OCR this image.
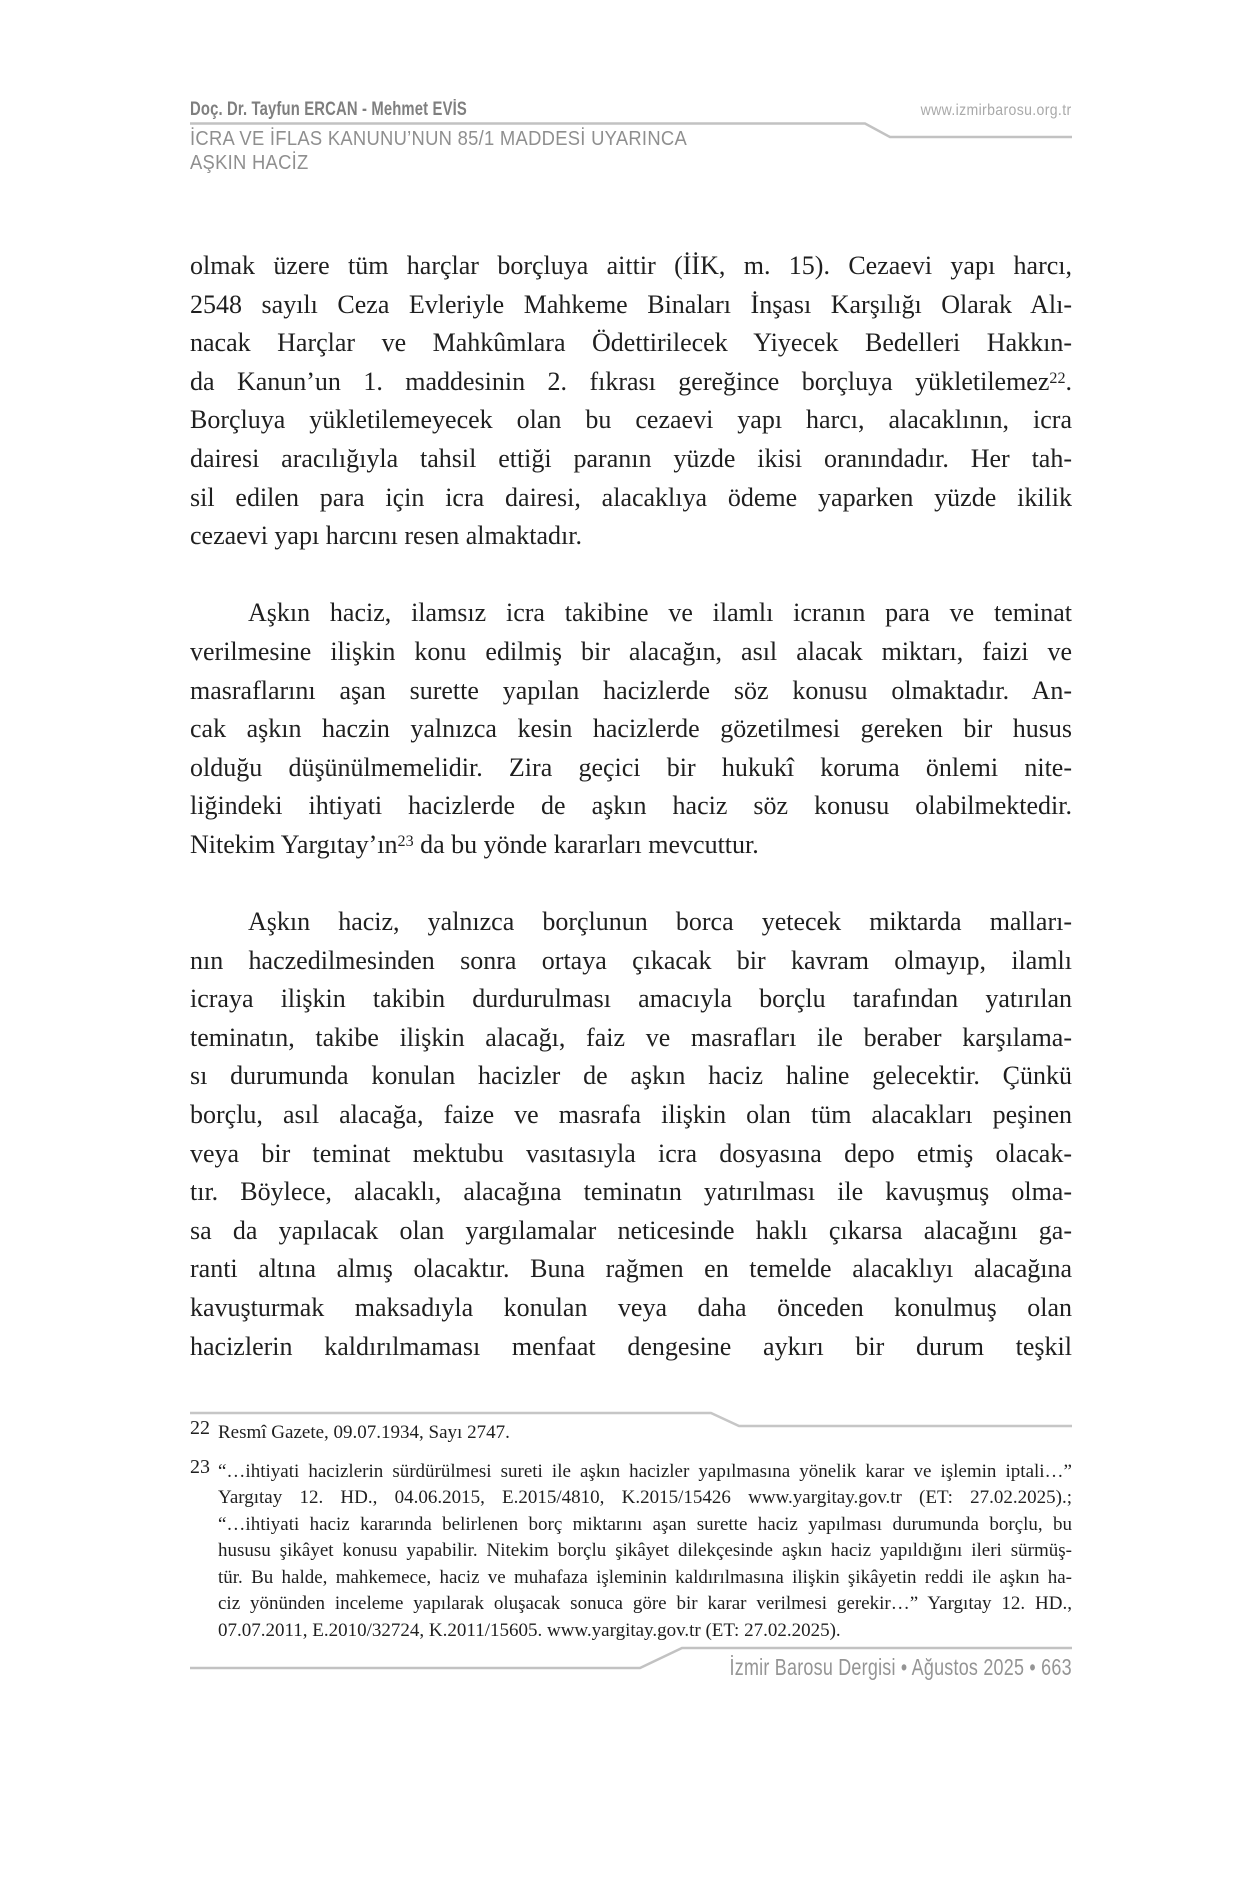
Doç. Dr. Tayfun ERCAN - Mehmet EVİS	www.izmirbarosu.org.tr
İCRA VE İFLAS KANUNU’NUN 85/1 MADDESİ UYARINCA
AŞKIN HACİZ
olmak üzere tüm harçlar borçluya aittir (İİK, m. 15). Cezaevi yapı harcı,
2548 sayılı Ceza Evleriyle Mahkeme Binaları İnşası Karşılığı Olarak Alı-
nacak Harçlar ve Mahkûmlara Ödettirilecek Yiyecek Bedelleri Hakkın-
da Kanun’un 1. maddesinin 2. fıkrası gereğince borçluya yükletilemez$^{22}$.
Borçluya yükletilemeyecek olan bu cezaevi yapı harcı, alacaklının, icra
dairesi aracılığıyla tahsil ettiği paranın yüzde ikisi oranındadır. Her tah-
sil edilen para için icra dairesi, alacaklıya ödeme yaparken yüzde ikilik
cezaevi yapı harcını resen almaktadır.
Aşkın haciz, ilamsız icra takibine ve ilamlı icranın para ve teminat
verilmesine ilişkin konu edilmiş bir alacağın, asıl alacak miktarı, faizi ve
masraflarını aşan surette yapılan hacizlerde söz konusu olmaktadır. An-
cak aşkın haczin yalnızca kesin hacizlerde gözetilmesi gereken bir husus
olduğu düşünülmemelidir. Zira geçici bir hukukî koruma önlemi nite-
liğindeki ihtiyati hacizlerde de aşkın haciz söz konusu olabilmektedir.
Nitekim $Yargıtay’ın^{23}$ da bu yönde kararları mevcuttur.
Aşkın haciz, yalnızca borçlunun borca yetecek miktarda malları-
nın haczedilmesinden sonra ortaya çıkacak bir kavram olmayıp, ilamlı
icraya ilişkin takibin durdurulması amacıyla borçlu tarafından yatırılan
teminatın, takibe ilişkin alacağı, faiz ve masrafları ile beraber karşılama-
sı durumunda konulan hacizler de aşkın haciz haline gelecektir. Çünkü
borçlu, asıl alacağa, faize ve masrafa ilişkin olan tüm alacakları peşinen
veya bir teminat mektubu vasıtasıyla icra dosyasına depo etmiş olacak-
tır. Böylece, alacaklı, alacağına teminatın yatırılması ile kavuşmuş olma-
sa da yapılacak olan yargılamalar neticesinde haklı çıkarsa alacağını ga-
ranti altına almış olacaktır. Buna rağmen en temelde alacaklıyı alacağına
kavuşturmak maksadıyla konulan veya daha önceden konulmuş olan
hacizlerin kaldırılmaması menfaat dengesine aykırı bir durum teşkil
22 Resmî Gazete, 09.07.1934, Sayı 2747.
23 “…ihtiyati hacizlerin sürdürülmesi sureti ile aşkın hacizler yapılmasına yönelik karar ve işlemin iptali…”
Yargıtay 12. HD., 04.06.2015, E.2015/4810, K.2015/15426 www.yargitay.gov.tr (ET: 27.02.2025).;
“…ihtiyati haciz kararında belirlenen borç miktarını aşan surette haciz yapılması durumunda borçlu, bu
hususu şikâyet konusu yapabilir. Nitekim borçlu şikâyet dilekçesinde aşkın haciz yapıldığını ileri sürmüş-
tür. Bu halde, mahkemece, haciz ve muhafaza işleminin kaldırılmasına ilişkin şikâyetin reddi ile aşkın ha-
ciz yönünden inceleme yapılarak oluşacak sonuca göre bir karar verilmesi gerekir…” Yargıtay 12. HD.,
07.07.2011, E.2010/32724, K.2011/15605. www.yargitay.gov.tr (ET: 27.02.2025).
İzmir Barosu Dergisi • Ağustos 2025 • 663
